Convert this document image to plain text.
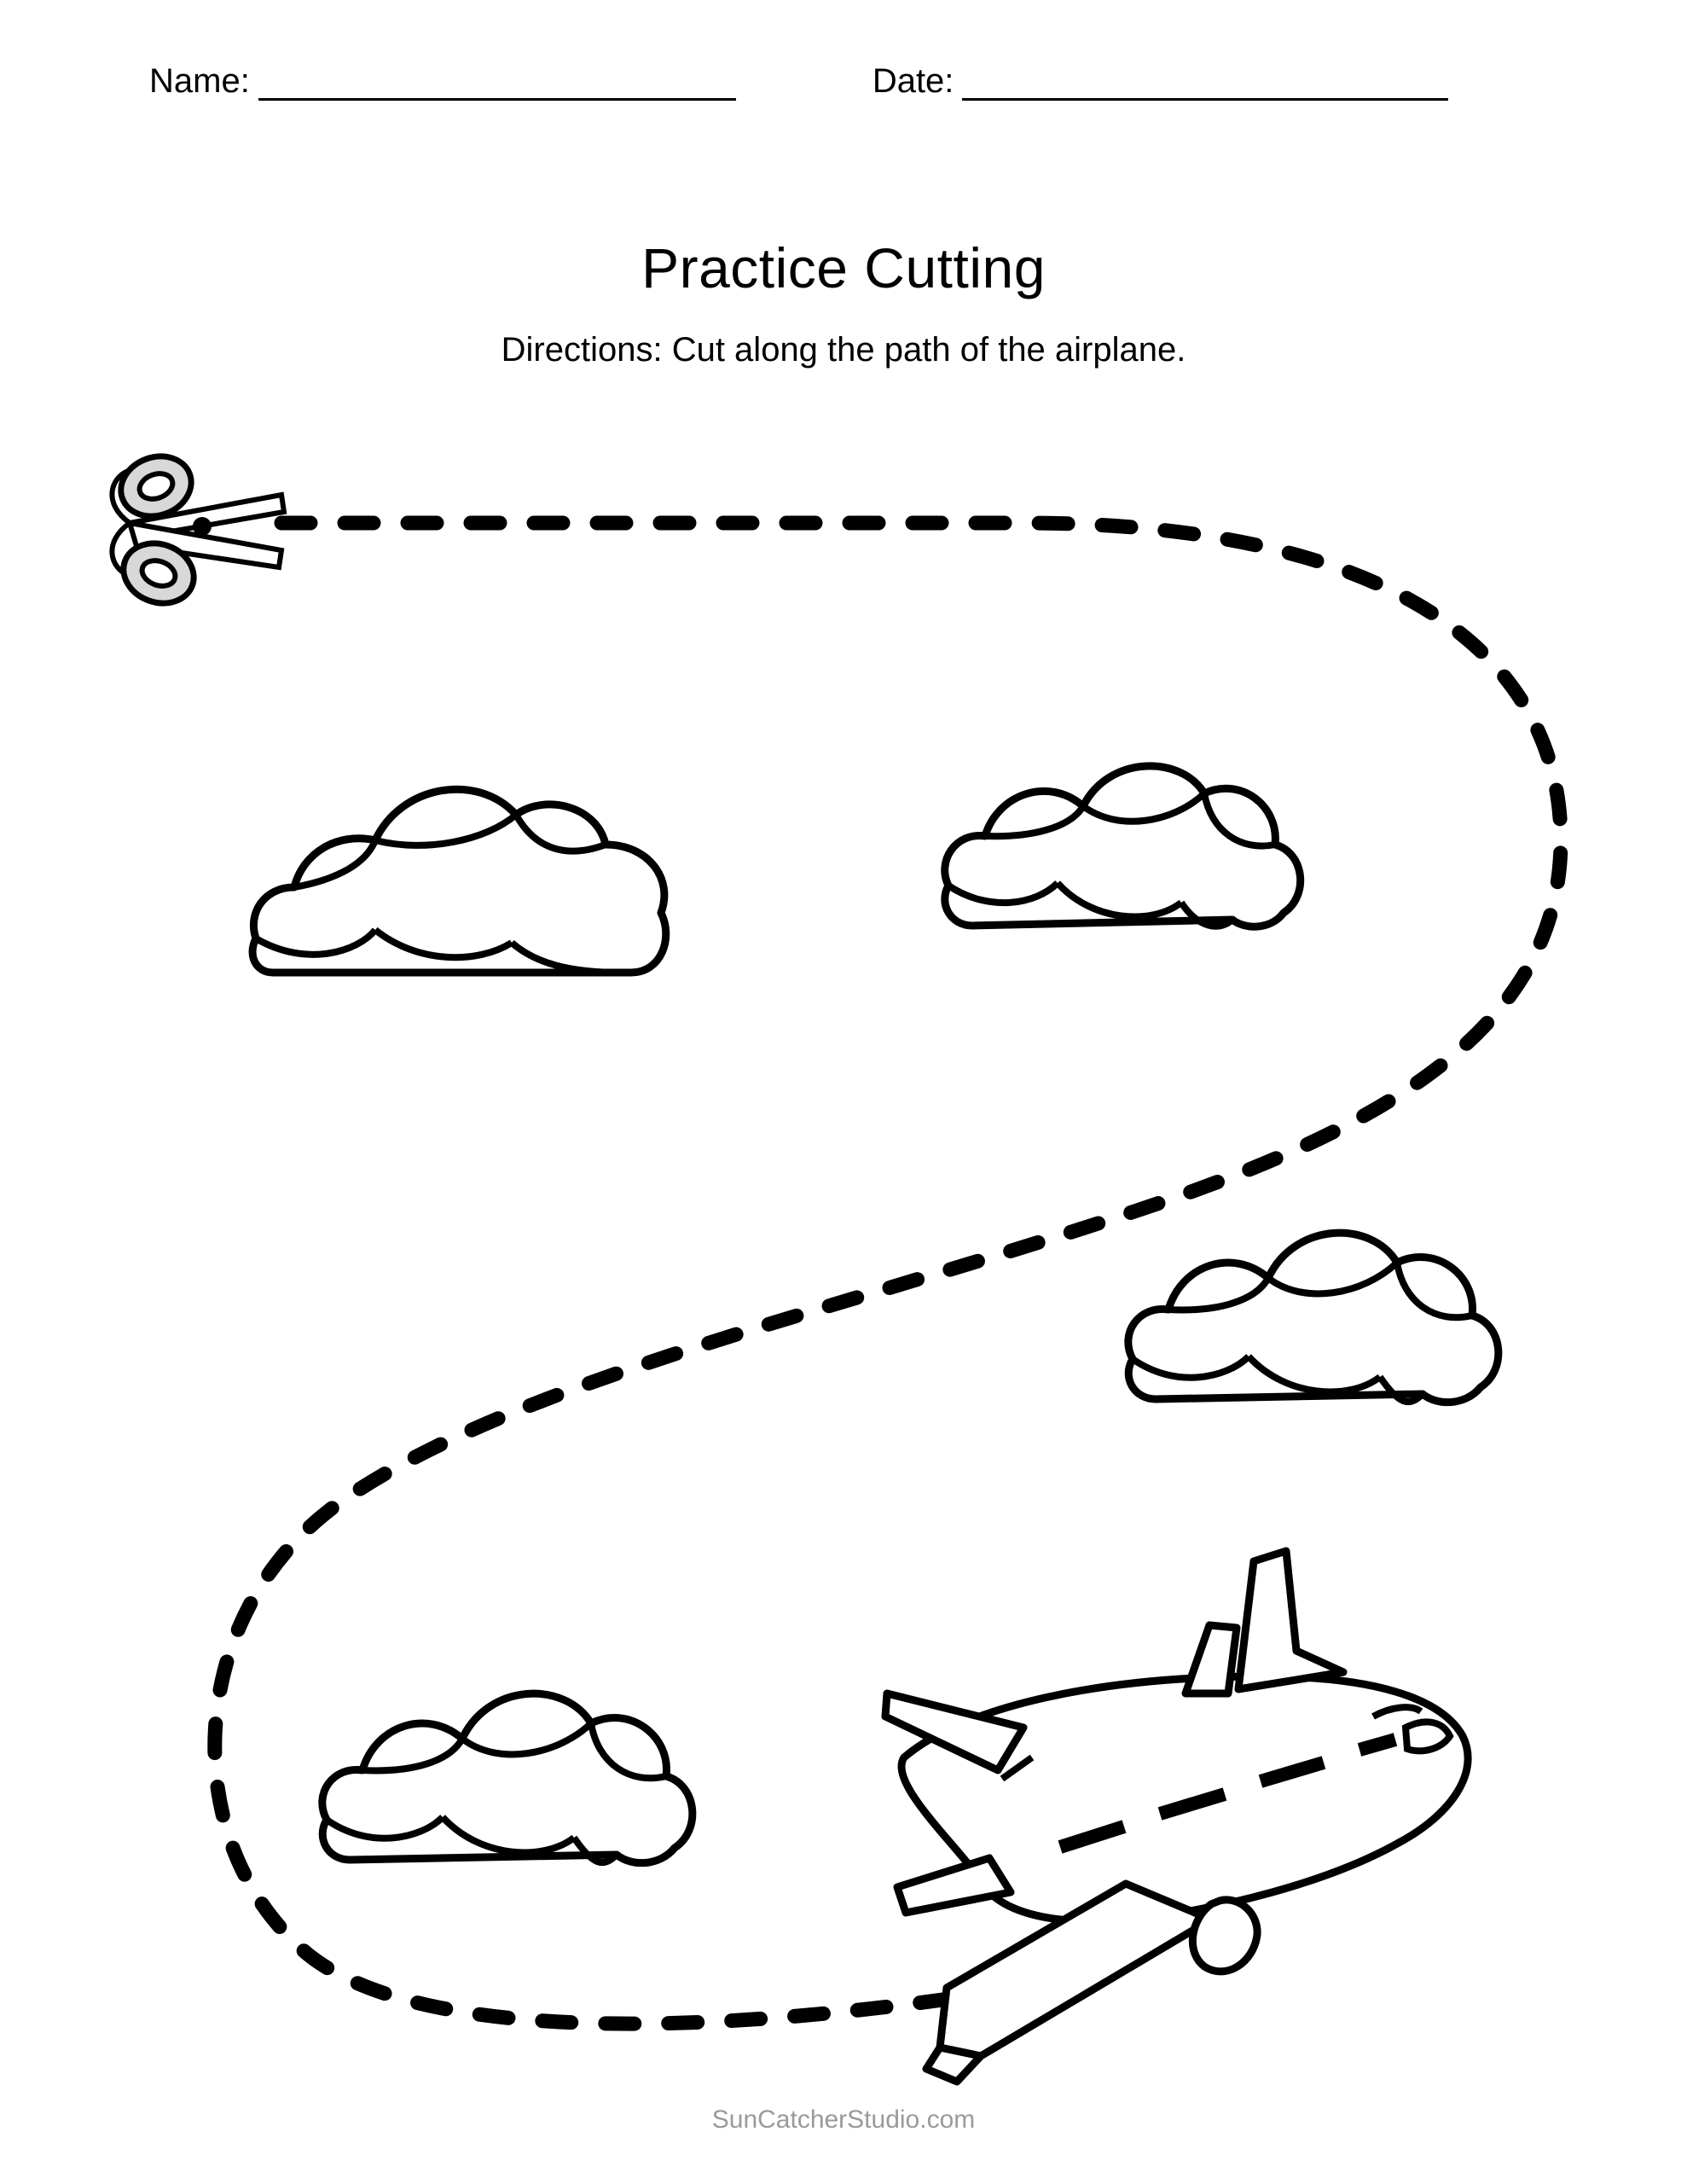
Name:	Date:
Practice Cutting

Directions: Cut along the path of the airplane.

SunCatcherStudio.com
